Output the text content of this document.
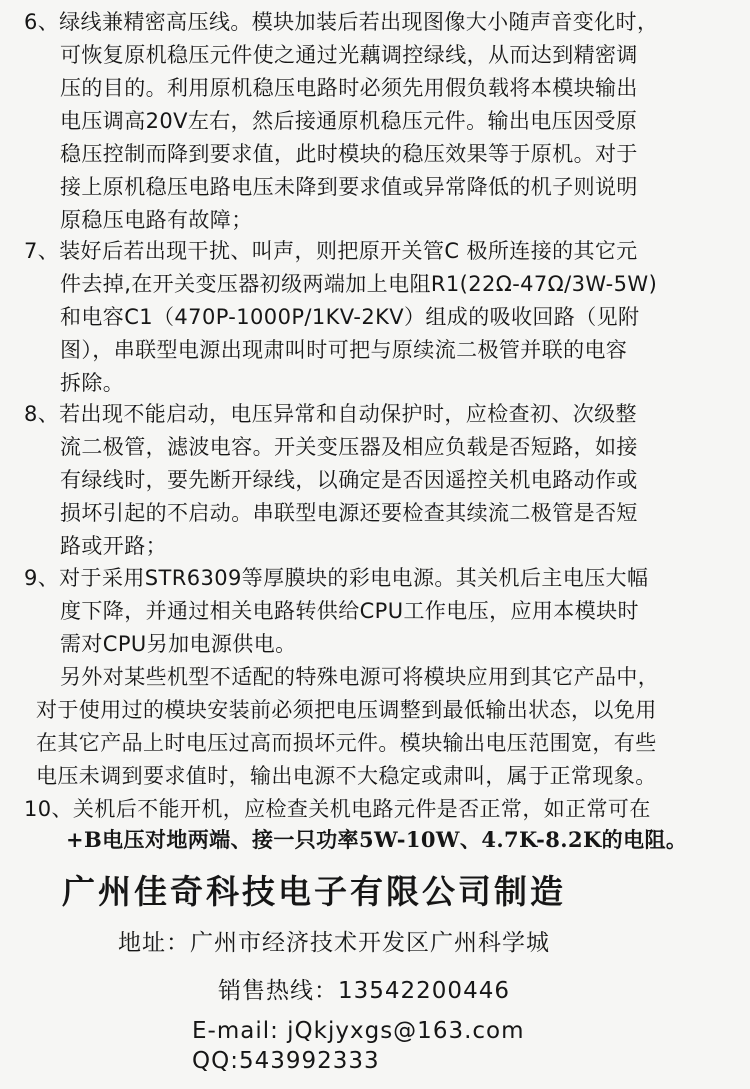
6、绿线兼精密高压线。模块加装后若出现图像大小随声音变化时，
可恢复原机稳压元件使之通过光藕调控绿线，从而达到精密调
压的目的。利用原机稳压电路时必须先用假负载将本模块输出
电压调高20V左右，然后接通原机稳压元件。输出电压因受原
稳压控制而降到要求值，此时模块的稳压效果等于原机。对于
接上原机稳压电路电压未降到要求值或异常降低的机子则说明
原稳压电路有故障；
7、装好后若出现干扰、叫声，则把原开关管C 极所连接的其它元
件去掉,在开关变压器初级两端加上电阻R1(22Ω-47Ω/3W-5W)
和电容C1（470P-1000P/1KV-2KV）组成的吸收回路（见附
图），串联型电源出现肃叫时可把与原续流二极管并联的电容
拆除。
8、若出现不能启动，电压异常和自动保护时，应检查初、次级整
流二极管，滤波电容。开关变压器及相应负载是否短路，如接
有绿线时，要先断开绿线，以确定是否因遥控关机电路动作或
损坏引起的不启动。串联型电源还要检查其续流二极管是否短
路或开路；
9、对于采用STR6309等厚膜块的彩电电源。其关机后主电压大幅
度下降，并通过相关电路转供给CPU工作电压，应用本模块时
需对CPU另加电源供电。
另外对某些机型不适配的特殊电源可将模块应用到其它产品中，
对于使用过的模块安装前必须把电压调整到最低输出状态，以免用
在其它产品上时电压过高而损坏元件。模块输出电压范围宽，有些
电压未调到要求值时，输出电源不大稳定或肃叫，属于正常现象。
10、关机后不能开机，应检查关机电路元件是否正常，如正常可在
+B电压对地两端、接一只功率5W-10W、4.7K-8.2K的电阻。
广州佳奇科技电子有限公司制造
地址：广州市经济技术开发区广州科学城
销售热线：13542200446
E-mail: jQkjyxgs@163.com
QQ:543992333
